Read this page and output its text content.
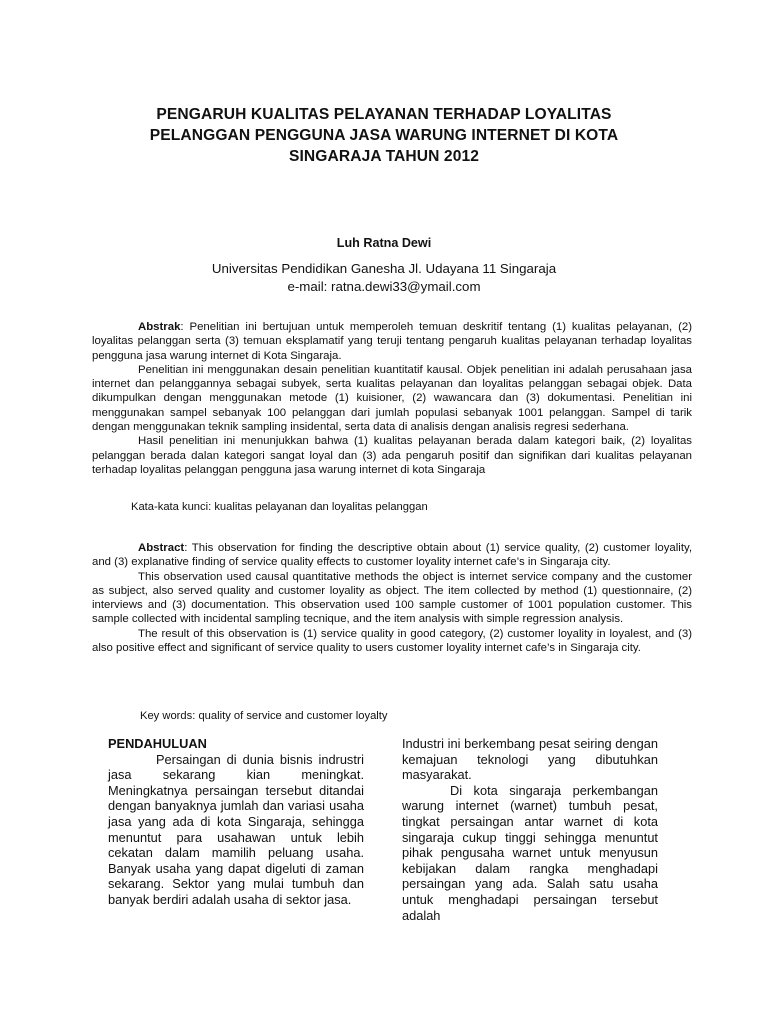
PENGARUH KUALITAS PELAYANAN TERHADAP LOYALITAS
PELANGGAN PENGGUNA JASA WARUNG INTERNET DI KOTA
SINGARAJA TAHUN 2012
Luh Ratna Dewi
Universitas Pendidikan Ganesha Jl. Udayana 11 Singaraja
e-mail: ratna.dewi33@ymail.com

Abstrak: Penelitian ini bertujuan untuk memperoleh temuan deskritif tentang (1) kualitas pelayanan, (2) loyalitas pelanggan serta (3) temuan eksplamatif yang teruji tentang pengaruh kualitas pelayanan terhadap loyalitas pengguna jasa warung internet di Kota Singaraja.

Penelitian ini menggunakan desain penelitian kuantitatif kausal. Objek penelitian ini adalah perusahaan jasa internet dan pelanggannya sebagai subyek, serta kualitas pelayanan dan loyalitas pelanggan sebagai objek. Data dikumpulkan dengan menggunakan metode (1) kuisioner, (2) wawancara dan (3) dokumentasi. Penelitian ini menggunakan sampel sebanyak 100 pelanggan dari jumlah populasi sebanyak 1001 pelanggan. Sampel di tarik dengan menggunakan teknik sampling insidental, serta data di analisis dengan analisis regresi sederhana.

Hasil penelitian ini menunjukkan bahwa (1) kualitas pelayanan berada dalam kategori baik, (2) loyalitas pelanggan berada dalan kategori sangat loyal dan (3) ada pengaruh positif dan signifikan dari kualitas pelayanan terhadap loyalitas pelanggan pengguna jasa warung internet di kota Singaraja

Kata-kata kunci: kualitas pelayanan dan loyalitas pelanggan

Abstract: This observation for finding the descriptive obtain about (1) service quality, (2) customer loyality, and (3) explanative finding of service quality effects to customer loyality internet cafe’s in Singaraja city.

This observation used causal quantitative methods the object is internet service company and the customer as subject, also served quality and customer loyality as object. The item collected by method (1) questionnaire, (2) interviews and (3) documentation. This observation used 100 sample customer of 1001 population customer. This sample collected with incidental sampling tecnique, and the item analysis with simple regression analysis.

The result of this observation is (1) service quality in good category, (2) customer loyality in loyalest, and (3) also positive effect and significant of service quality to users customer loyality internet cafe’s in Singaraja city.

Key words: quality of service and customer loyalty

PENDAHULUAN

Persaingan di dunia bisnis indrustri jasa sekarang kian meningkat. Meningkatnya persaingan tersebut ditandai dengan banyaknya jumlah dan variasi usaha jasa yang ada di kota Singaraja, sehingga menuntut para usahawan untuk lebih cekatan dalam mamilih peluang usaha. Banyak usaha yang dapat digeluti di zaman sekarang. Sektor yang mulai tumbuh dan banyak berdiri adalah usaha di sektor jasa.

Industri ini berkembang pesat seiring dengan kemajuan teknologi yang dibutuhkan masyarakat.

Di kota singaraja perkembangan warung internet (warnet) tumbuh pesat, tingkat persaingan antar warnet di kota singaraja cukup tinggi sehingga menuntut pihak pengusaha warnet untuk menyusun kebijakan dalam rangka menghadapi persaingan yang ada. Salah satu usaha untuk menghadapi persaingan tersebut adalah
